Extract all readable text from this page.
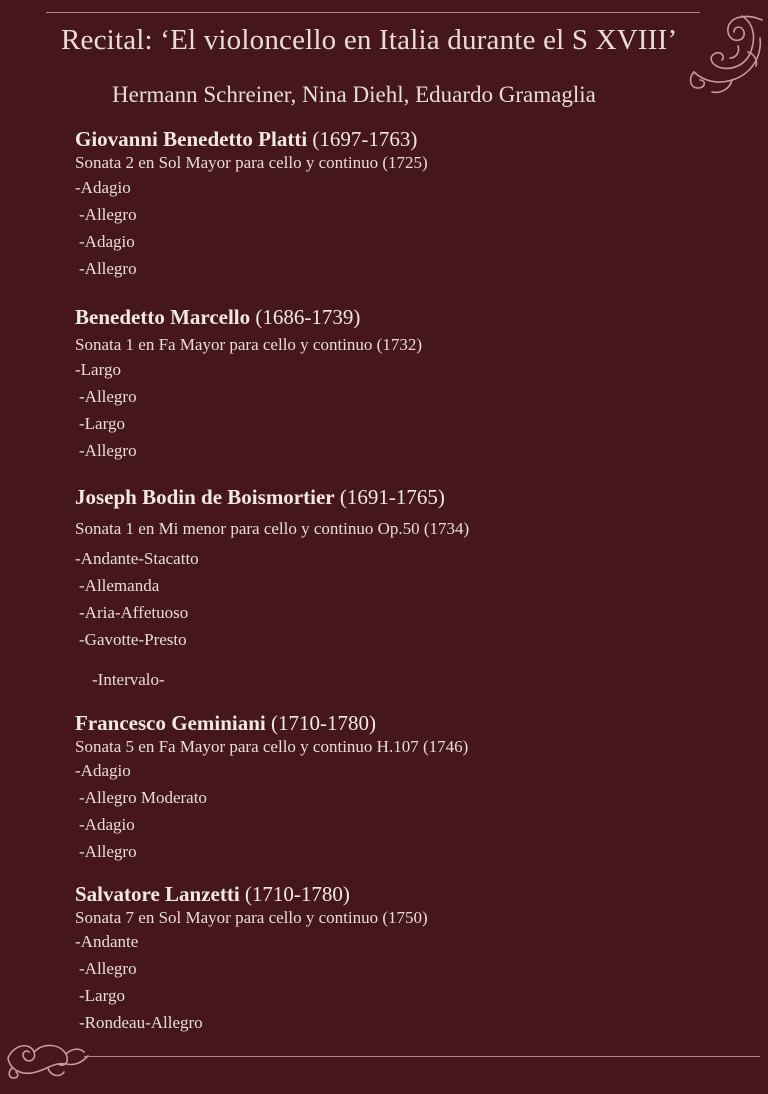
Recital: ‘El violoncello en Italia durante el S XVIII’
Hermann Schreiner, Nina Diehl, Eduardo Gramaglia

Giovanni Benedetto Platti (1697-1763)

Sonata 2 en Sol Mayor para cello y continuo (1725)

-Adagio

-Allegro

-Adagio

-Allegro

Benedetto Marcello (1686-1739)

Sonata 1 en Fa Mayor para cello y continuo (1732)

-Largo

-Allegro

-Largo

-Allegro

Joseph Bodin de Boismortier (1691-1765)

Sonata 1 en Mi menor para cello y continuo Op.50 (1734)

-Andante-Stacatto

-Allemanda

-Aria-Affetuoso

-Gavotte-Presto

-Intervalo-

Francesco Geminiani (1710-1780)

Sonata 5 en Fa Mayor para cello y continuo H.107 (1746)

-Adagio

-Allegro Moderato

-Adagio

-Allegro

Salvatore Lanzetti (1710-1780)

Sonata 7 en Sol Mayor para cello y continuo (1750)

-Andante

-Allegro

-Largo

-Rondeau-Allegro
